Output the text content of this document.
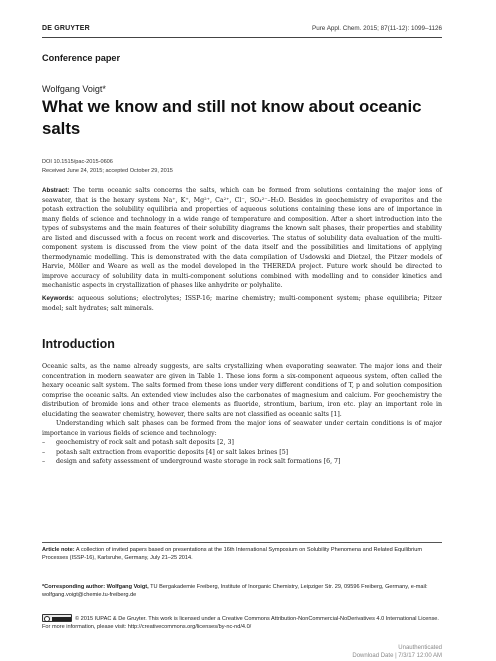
DE GRUYTER	Pure Appl. Chem. 2015; 87(11-12): 1099–1126
Conference paper
Wolfgang Voigt*
What we know and still not know about oceanic salts
DOI 10.1515/pac-2015-0606
Received June 24, 2015; accepted October 29, 2015
Abstract: The term oceanic salts concerns the salts, which can be formed from solutions containing the major ions of seawater, that is the hexary system Na⁺, K⁺, Mg²⁺, Ca²⁺, Cl⁻, SO₄²⁻–H₂O. Besides in geochemistry of evaporites and the potash extraction the solubility equilibria and properties of aqueous solutions containing these ions are of importance in many fields of science and technology in a wide range of temperature and composition. After a short introduction into the types of subsystems and the main features of their solubility diagrams the known salt phases, their properties and stability are listed and discussed with a focus on recent work and discoveries. The status of solubility data evaluation of the multi-component system is discussed from the view point of the data itself and the possibilities and limitations of applying thermodynamic modelling. This is demonstrated with the data compilation of Usdowski and Dietzel, the Pitzer models of Harvie, Möller and Weare as well as the model developed in the THEREDA project. Future work should be directed to improve accuracy of solubility data in multi-component solutions combined with modelling and to consider kinetics and mechanistic aspects in crystallization of phases like anhydrite or polyhalite.
Keywords: aqueous solutions; electrolytes; ISSP-16; marine chemistry; multi-component system; phase equilibria; Pitzer model; salt hydrates; salt minerals.
Introduction

Oceanic salts, as the name already suggests, are salts crystallizing when evaporating seawater. The major ions and their concentration in modern seawater are given in Table 1. These ions form a six-component aqueous system, often called the hexary oceanic salt system. The salts formed from these ions under very different conditions of T, p and solution composition comprise the oceanic salts. An extended view includes also the carbonates of magnesium and calcium. For geochemistry the distribution of bromide ions and other trace elements as fluoride, strontium, barium, iron etc. play an important role in elucidating the seawater chemistry, however, there salts are not classified as oceanic salts [1].

Understanding which salt phases can be formed from the major ions of seawater under certain conditions is of major importance in various fields of science and technology:

– geochemistry of rock salt and potash salt deposits [2, 3]
– potash salt extraction from evaporitic deposits [4] or salt lakes brines [5]
– design and safety assessment of underground waste storage in rock salt formations [6, 7]
Article note: A collection of invited papers based on presentations at the 16th International Symposium on Solubility Phenomena and Related Equilibrium Processes (ISSP-16), Karlsruhe, Germany, July 21–25 2014.
*Corresponding author: Wolfgang Voigt, TU Bergakademie Freiberg, Institute of Inorganic Chemistry, Leipziger Str. 29, 09596 Freiberg, Germany, e-mail: wolfgang.voigt@chemie.tu-freiberg.de
© 2015 IUPAC & De Gruyter. This work is licensed under a Creative Commons Attribution-NonCommercial-NoDerivatives 4.0 International License. For more information, please visit: http://creativecommons.org/licenses/by-nc-nd/4.0/
Unauthenticated
Download Date | 7/3/17 12:00 AM
